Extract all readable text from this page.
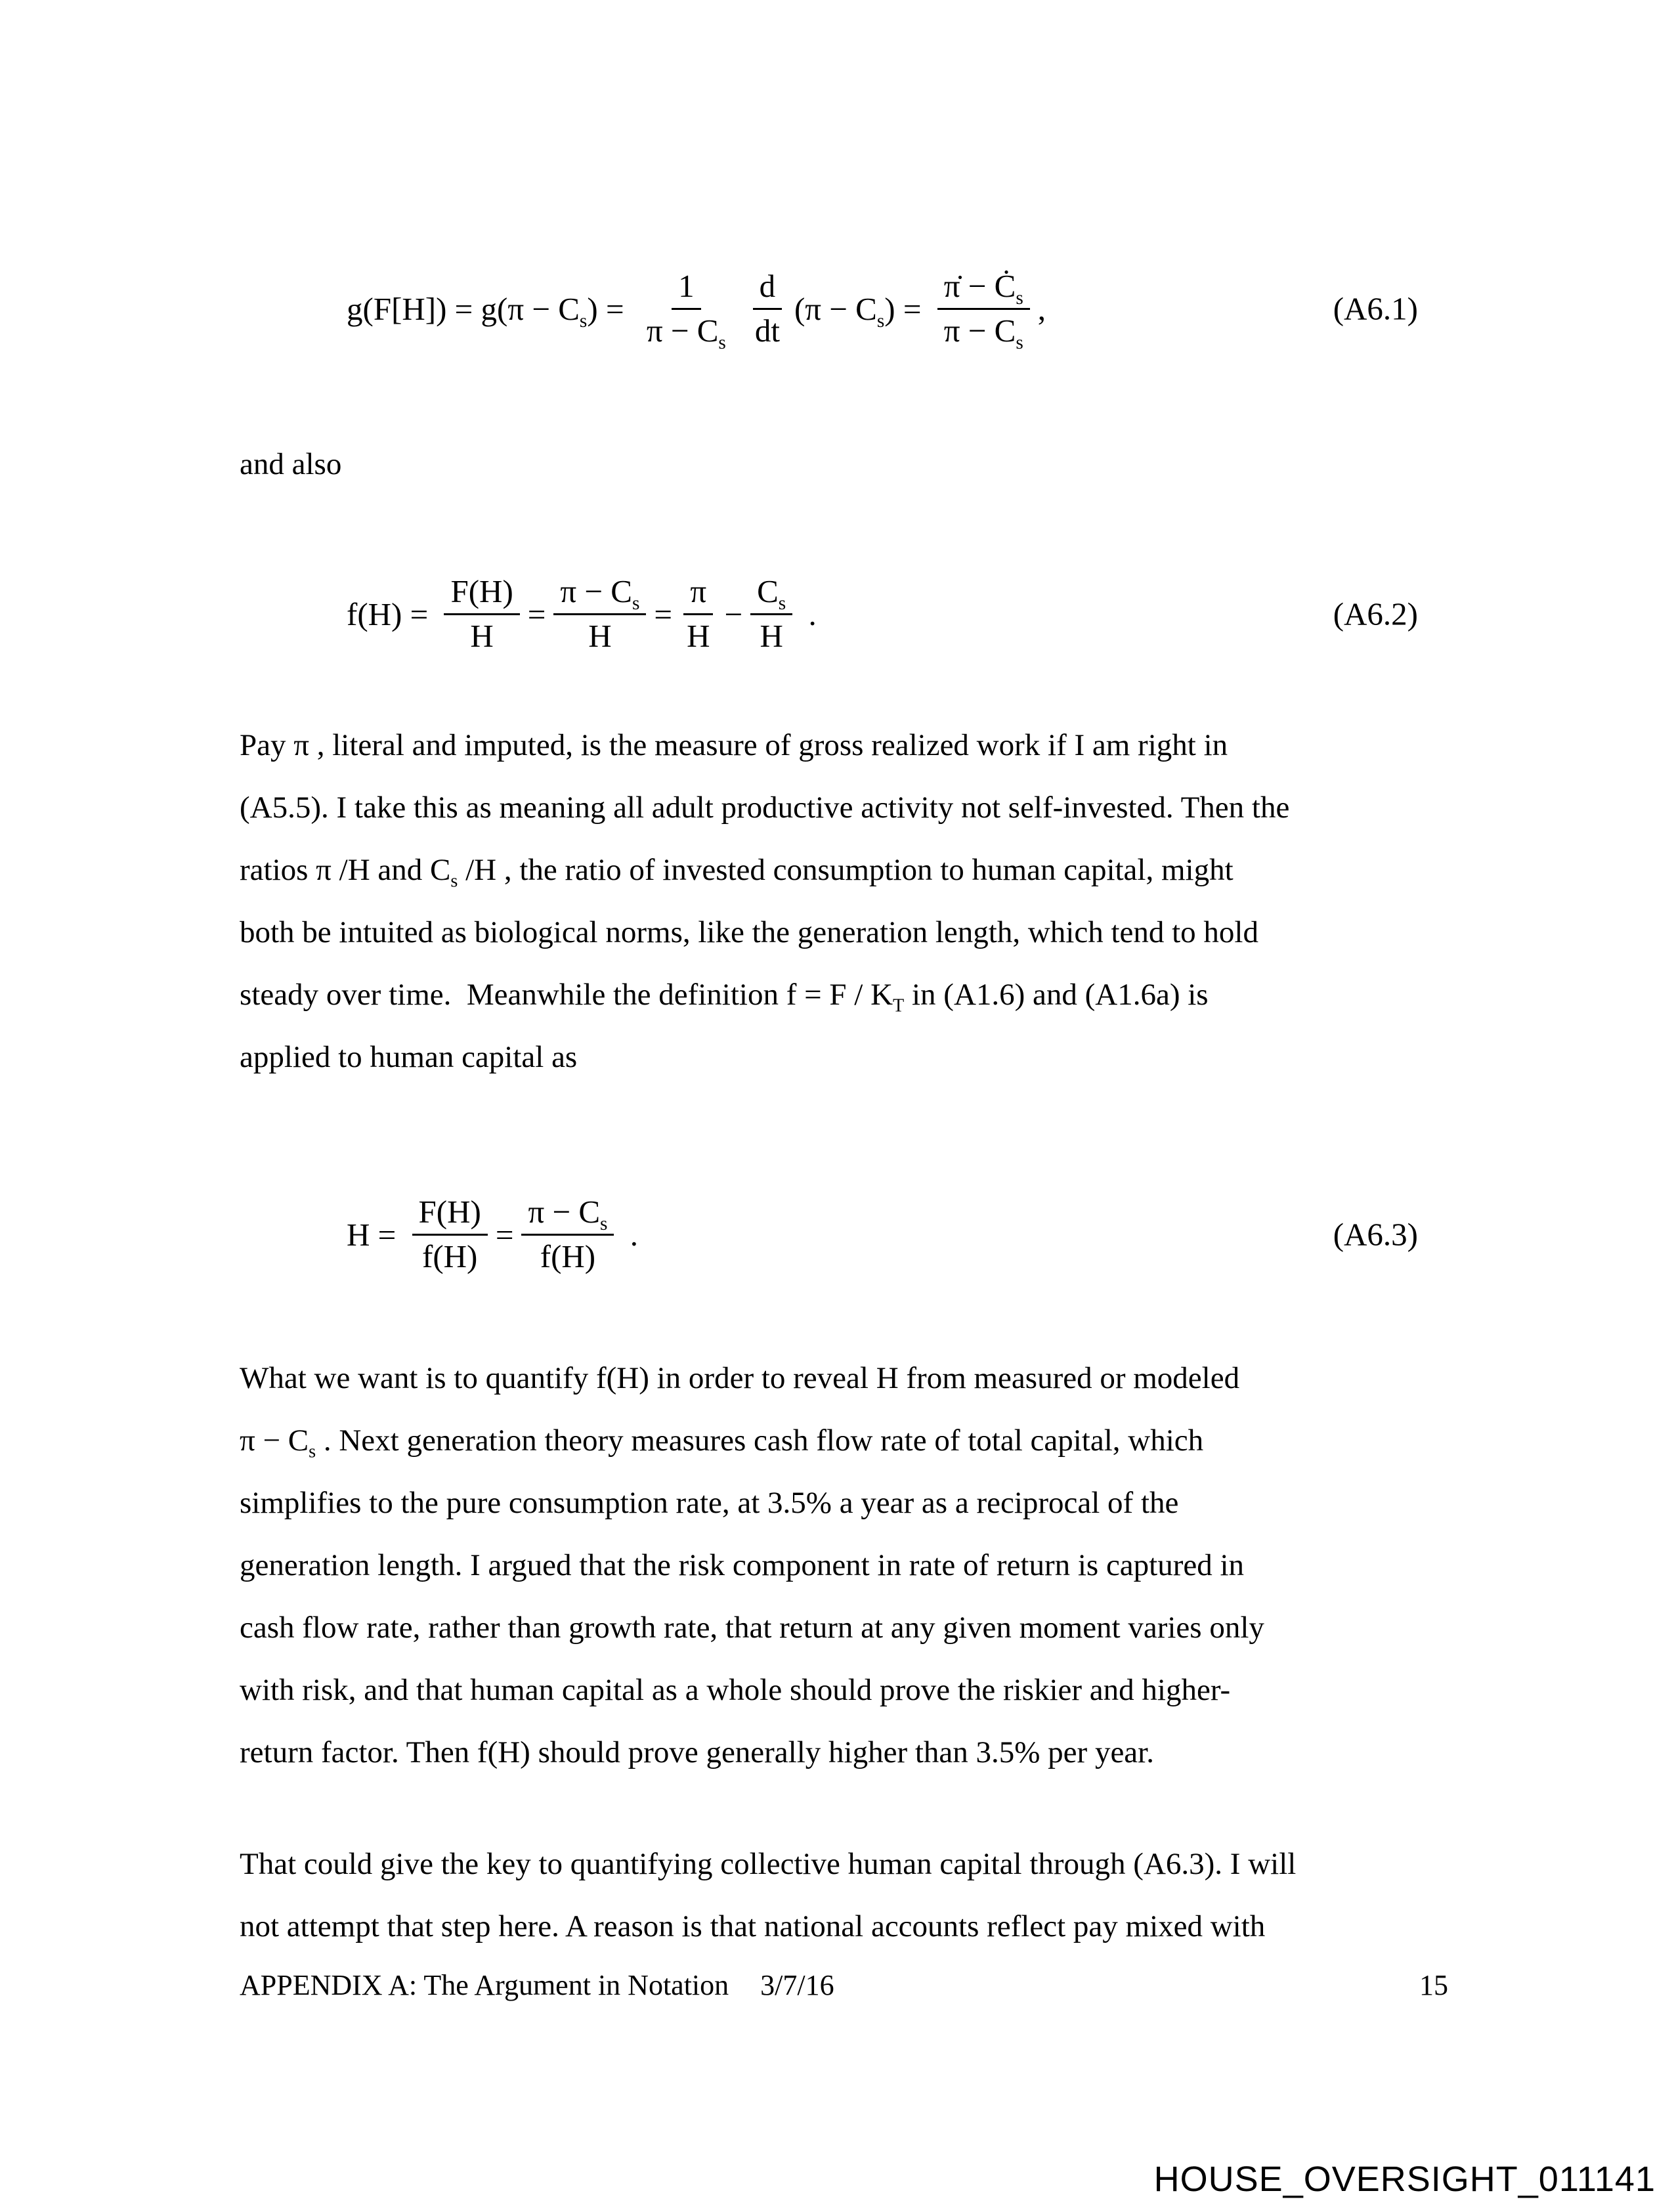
$g(F[H]) = g(\pi - C_s) = \frac{1}{\pi - C_s} \frac{d}{dt} (\pi - C_s) = \frac{\pi̇ - Ċ_s}{\pi - C_s}$ ,	(A6.1)
and also
$f(H) = \frac{F(H)}{H} = \frac{\pi - C_s}{H} = \frac{\pi}{H} - \frac{C_s}{H}$ .	(A6.2)
Pay π , literal and imputed, is the measure of gross realized work if I am right in
(A5.5). I take this as meaning all adult productive activity not self-invested. Then the
ratios π /H and $C_s$ /H , the ratio of invested consumption to human capital, might
both be intuited as biological norms, like the generation length, which tend to hold
steady over time.  Meanwhile the definition $f = F / K_T$ in (A1.6) and (A1.6a) is
applied to human capital as
$H = \frac{F(H)}{f(H)} = \frac{\pi - C_s}{f(H)}$ .	(A6.3)
What we want is to quantify f(H) in order to reveal H from measured or modeled
$\pi - C_s$ . Next generation theory measures cash flow rate of total capital, which
simplifies to the pure consumption rate, at 3.5% a year as a reciprocal of the
generation length. I argued that the risk component in rate of return is captured in
cash flow rate, rather than growth rate, that return at any given moment varies only
with risk, and that human capital as a whole should prove the riskier and higher-
return factor. Then f(H) should prove generally higher than 3.5% per year.
That could give the key to quantifying collective human capital through (A6.3). I will
not attempt that step here. A reason is that national accounts reflect pay mixed with
APPENDIX A: The Argument in Notation 3/7/16	15
HOUSE_OVERSIGHT_011141
